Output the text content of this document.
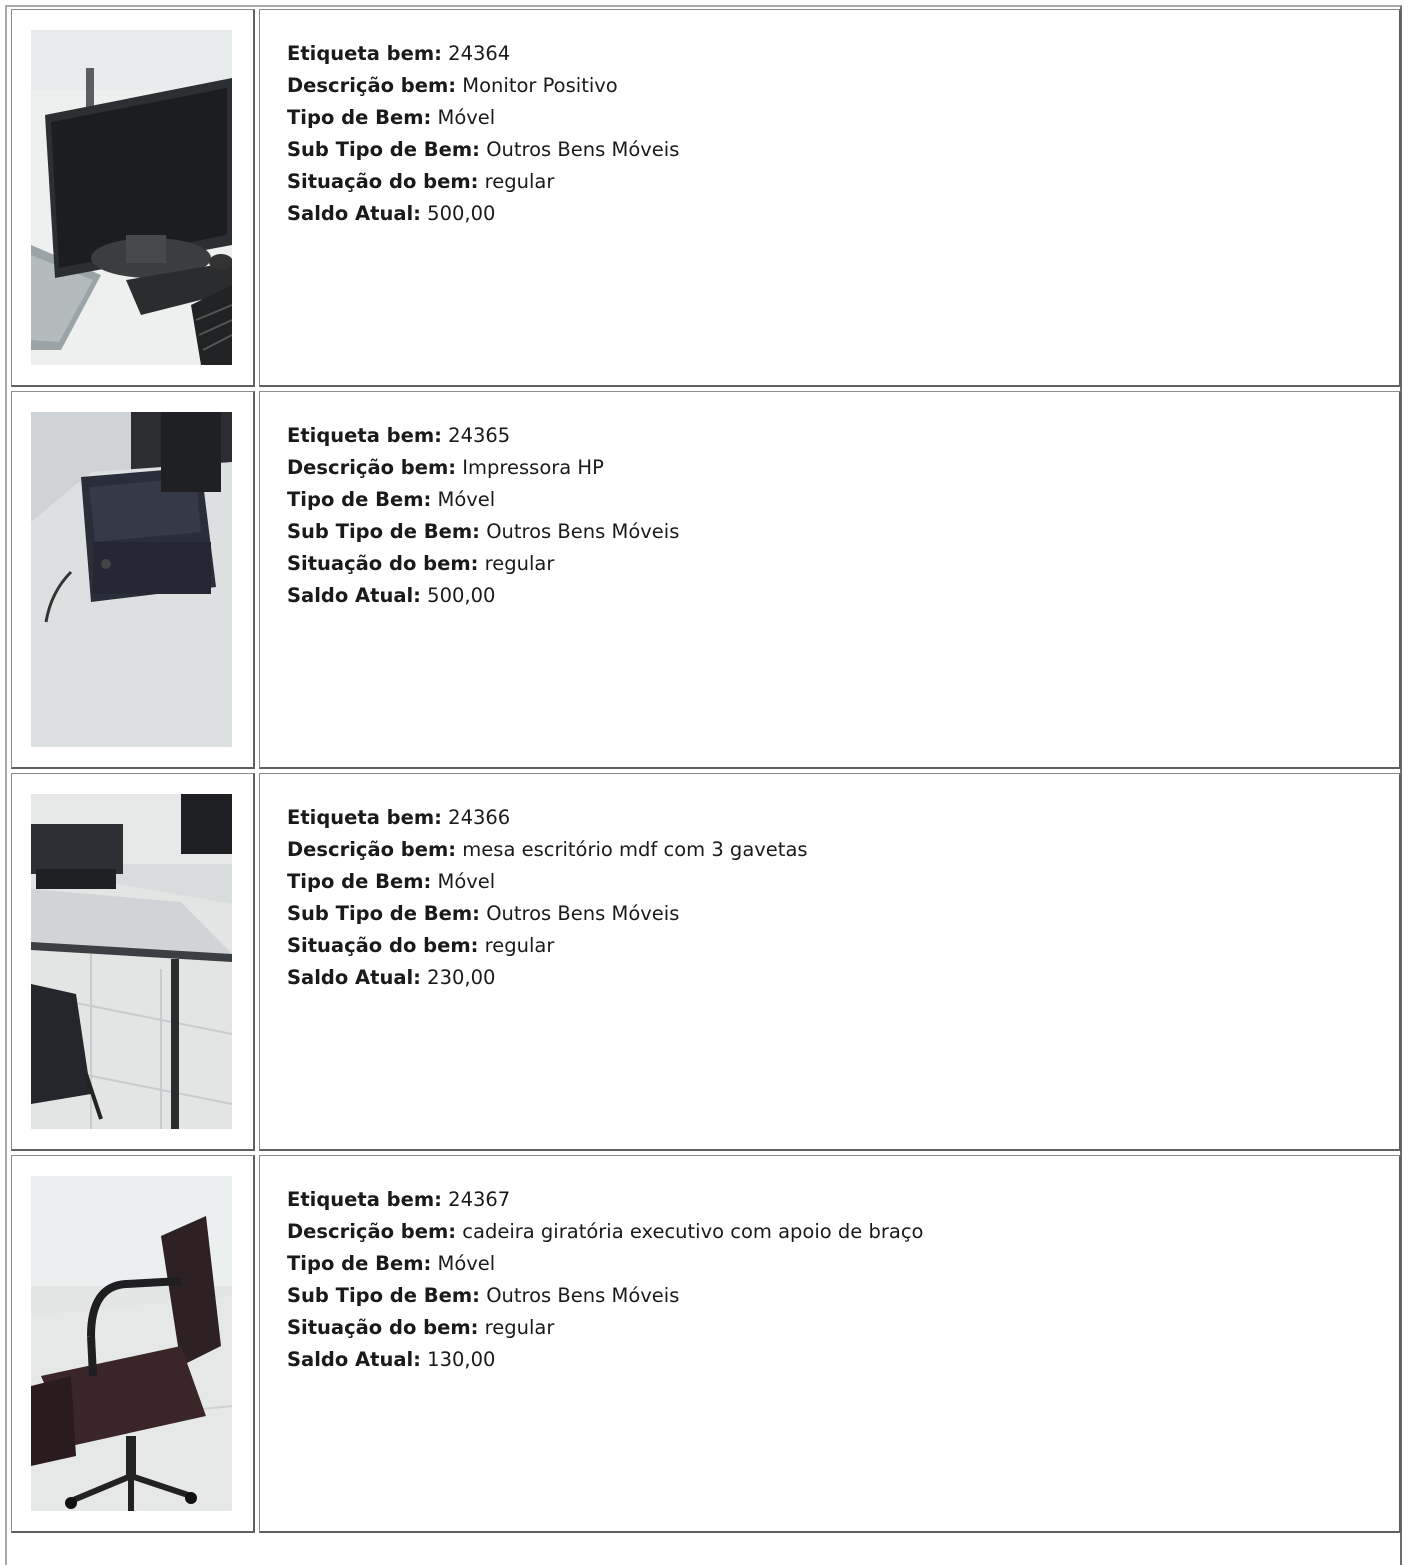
Etiqueta bem: 24364
Descrição bem: Monitor Positivo
Tipo de Bem: Móvel
Sub Tipo de Bem: Outros Bens Móveis
Situação do bem: regular
Saldo Atual: 500,00
Etiqueta bem: 24365
Descrição bem: Impressora HP
Tipo de Bem: Móvel
Sub Tipo de Bem: Outros Bens Móveis
Situação do bem: regular
Saldo Atual: 500,00
Etiqueta bem: 24366
Descrição bem: mesa escritório mdf com 3 gavetas
Tipo de Bem: Móvel
Sub Tipo de Bem: Outros Bens Móveis
Situação do bem: regular
Saldo Atual: 230,00
Etiqueta bem: 24367
Descrição bem: cadeira giratória executivo com apoio de braço
Tipo de Bem: Móvel
Sub Tipo de Bem: Outros Bens Móveis
Situação do bem: regular
Saldo Atual: 130,00
